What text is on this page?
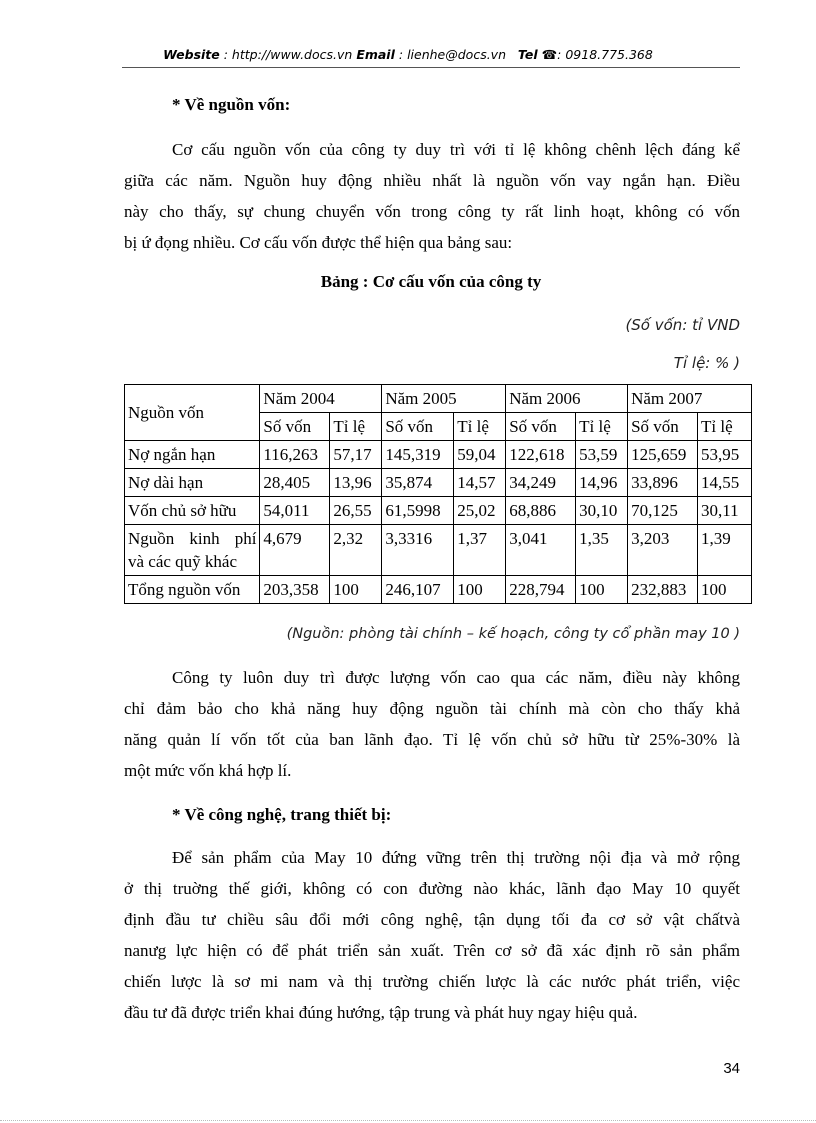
Website : http://www.docs.vn Email : lienhe@docs.vn Tel ☎: 0918.775.368
* Về nguồn vốn:
Cơ cấu nguồn vốn của công ty duy trì với tỉ lệ không chênh lệch đáng kể
giữa các năm. Nguồn huy động nhiều nhất là nguồn vốn vay ngắn hạn. Điều
này cho thấy, sự chung chuyển vốn trong công ty rất linh hoạt, không có vốn
bị ứ đọng nhiều. Cơ cấu vốn được thể hiện qua bảng sau:
Bảng : Cơ cấu vốn của công ty
(Số vốn: tỉ VND
Tỉ lệ: % )
Nguồn vốn	Năm 2004		Năm 2005		Năm 2006		Năm 2007	
	Số vốn	Tỉ lệ	Số vốn	Tỉ lệ	Số vốn	Tỉ lệ	Số vốn	Tỉ lệ
Nợ ngắn hạn	116,263	57,17	145,319	59,04	122,618	53,59	125,659	53,95
Nợ dài hạn	28,405	13,96	35,874	14,57	34,249	14,96	33,896	14,55
Vốn chủ sở hữu	54,011	26,55	61,5998	25,02	68,886	30,10	70,125	30,11

Nguồn kinh phí
và các quỹ khác	4,679	2,32	3,3316	1,37	3,041	1,35	3,203	1,39
Tổng nguồn vốn	203,358	100	246,107	100	228,794	100	232,883	100
(Nguồn: phòng tài chính – kế hoạch, công ty cổ phần may 10 )
Công ty luôn duy trì được lượng vốn cao qua các năm, điều này không
chỉ đảm bảo cho khả năng huy động nguồn tài chính mà còn cho thấy khả
năng quản lí vốn tốt của ban lãnh đạo. Tỉ lệ vốn chủ sở hữu từ 25%-30% là
một mức vốn khá hợp lí.
* Về công nghệ, trang thiết bị:
Để sản phẩm của May 10 đứng vững trên thị trường nội địa và mở rộng
ở thị truờng thế giới, không có con đường nào khác, lãnh đạo May 10 quyết
định đầu tư chiều sâu đổi mới công nghệ, tận dụng tối đa cơ sở vật chấtvà
nanưg lực hiện có để phát triển sản xuất. Trên cơ sở đã xác định rõ sản phẩm
chiến lược là sơ mi nam và thị trường chiến lược là các nước phát triển, việc
đầu tư đã được triển khai đúng hướng, tập trung và phát huy ngay hiệu quả.
34
